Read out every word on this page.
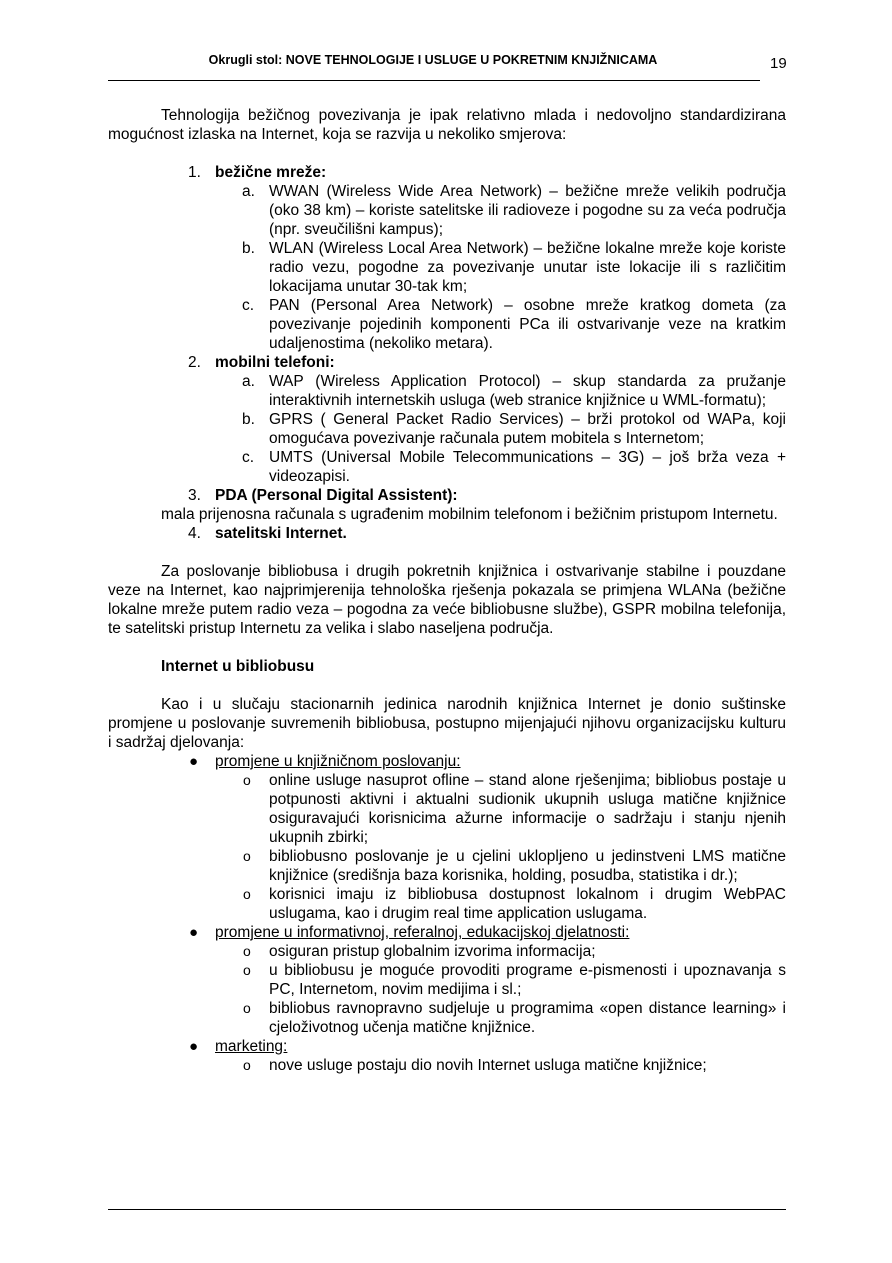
Okrugli stol: NOVE TEHNOLOGIJE I USLUGE U POKRETNIM KNJIŽNICAMA	19

Tehnologija bežičnog povezivanja je ipak relativno mlada i nedovoljno standardizirana mogućnost izlaska na Internet, koja se razvija u nekoliko smjerova:

1. bežične mreže:
a. WWAN (Wireless Wide Area Network) – bežične mreže velikih područja (oko 38 km) – koriste satelitske ili radioveze i pogodne su za veća područja (npr. sveučilišni kampus);
b. WLAN (Wireless Local Area Network) – bežične lokalne mreže koje koriste radio vezu, pogodne za povezivanje unutar iste lokacije ili s različitim lokacijama unutar 30-tak km;
c. PAN (Personal Area Network) – osobne mreže kratkog dometa (za povezivanje pojedinih komponenti PCa ili ostvarivanje veze na kratkim udaljenostima (nekoliko metara).
2. mobilni telefoni:
a. WAP (Wireless Application Protocol) – skup standarda za pružanje interaktivnih internetskih usluga (web stranice knjižnice u WML-formatu);
b. GPRS ( General Packet Radio Services) – brži protokol od WAPa, koji omogućava povezivanje računala putem mobitela s Internetom;
c. UMTS (Universal Mobile Telecommunications – 3G) – još brža veza + videozapisi.
3. PDA (Personal Digital Assistent):

mala prijenosna računala s ugrađenim mobilnim telefonom i bežičnim pristupom Internetu.

4. satelitski Internet.

Za poslovanje bibliobusa i drugih pokretnih knjižnica i ostvarivanje stabilne i pouzdane veze na Internet, kao najprimjerenija tehnološka rješenja pokazala se primjena WLANa (bežične lokalne mreže putem radio veza – pogodna za veće bibliobusne službe), GSPR mobilna telefonija, te satelitski pristup Internetu za velika i slabo naseljena područja.

Internet u bibliobusu

Kao i u slučaju stacionarnih jedinica narodnih knjižnica Internet je donio suštinske promjene u poslovanje suvremenih bibliobusa, postupno mijenjajući njihovu organizacijsku kulturu i sadržaj djelovanja:

● promjene u knjižničnom poslovanju:
o online usluge nasuprot ofline – stand alone rješenjima; bibliobus postaje u potpunosti aktivni i aktualni sudionik ukupnih usluga matične knjižnice osiguravajući korisnicima ažurne informacije o sadržaju i stanju njenih ukupnih zbirki;
o bibliobusno poslovanje je u cjelini uklopljeno u jedinstveni LMS matične knjižnice (središnja baza korisnika, holding, posudba, statistika i dr.);
o korisnici imaju iz bibliobusa dostupnost lokalnom i drugim WebPAC uslugama, kao i drugim real time application uslugama.
● promjene u informativnoj, referalnoj, edukacijskoj djelatnosti:
o osiguran pristup globalnim izvorima informacija;
o u bibliobusu je moguće provoditi programe e-pismenosti i upoznavanja s PC, Internetom, novim medijima i sl.;
o bibliobus ravnopravno sudjeluje u programima «open distance learning» i cjeloživotnog učenja matične knjižnice.
● marketing:
o nove usluge postaju dio novih Internet usluga matične knjižnice;
